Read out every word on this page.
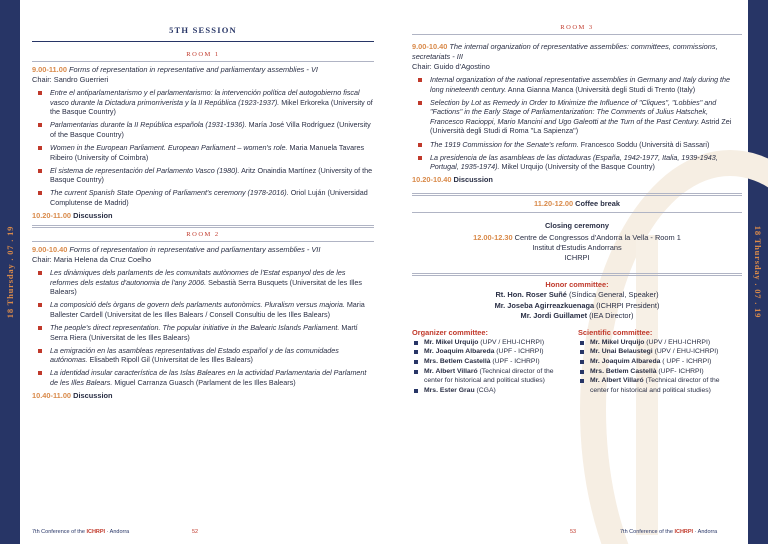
18 Thursday . 07 . 19	18 Thursday . 07 . 19
5TH SESSION
ROOM 1
9.00-11.00 Forms of representation in representative and parliamentary assemblies - VI
Chair: Sandro Guerrieri
Entre el antiparlamentarismo y el parlamentarismo: la intervención política del autogobierno fiscal vasco durante la Dictadura primorriverista y la II República (1923-1937). Mikel Erkoreka (University of the Basque Country)
Parlamentarias durante la II República española (1931-1936). María José Villa Rodríguez (University of the Basque Country)
Women in the European Parliament. European Parliament – women's role. Maria Manuela Tavares Ribeiro (University of Coimbra)
El sistema de representación del Parlamento Vasco (1980). Aritz Onaindia Martínez (University of the Basque Country)
The current Spanish State Opening of Parliament's ceremony (1978-2016). Oriol Luján (Universidad Complutense de Madrid)
10.20-11.00 Discussion
ROOM 2
9.00-10.40 Forms of representation in representative and parliamentary assemblies - VII
Chair: Maria Helena da Cruz Coelho
Les dinàmiques dels parlaments de les comunitats autònomes de l'Estat espanyol des de les reformes dels estatus d'autonomia de l'any 2006. Sebastià Serra Busquets (Universitat de les Illes Balears)
La composició dels òrgans de govern dels parlaments autonòmics. Pluralism versus majoria. Maria Ballester Cardell (Universitat de les Illes Balears / Consell Consultiu de les Illes Balears)
The people's direct representation. The popular initiative in the Balearic Islands Parliament. Martí Serra Riera (Universitat de les Illes Balears)
La emigración en las asambleas representativas del Estado español y de las comunidades autónomas. Elisabeth Ripoll Gil (Universitat de les Illes Balears)
La identidad insular característica de las Islas Baleares en la actividad Parlamentaria del Parlament de les Illes Balears. Miguel Carranza Guasch (Parlament de les Illes Balears)
10.40-11.00 Discussion
7th Conference of the ICHRPI · Andorra	52
ROOM 3
9.00-10.40 The internal organization of representative assemblies: committees, commissions, secretariats - III
Chair: Guido d'Agostino
Internal organization of the national representative assemblies in Germany and Italy during the long nineteenth century. Anna Gianna Manca (Università degli Studi di Trento (Italy)
Selection by Lot as Remedy in Order to Minimize the Influence of "Cliques", "Lobbies" and "Factions" in the Early Stage of Parliamentarization: The Comments of Julius Hatschek, Francesco Racioppi, Mario Mancini and Ugo Galeotti at the Turn of the Past Century. Astrid Zei (Università degli Studi di Roma "La Sapienza")
The 1919 Commission for the Senate's reform. Francesco Soddu (Università di Sassari)
La presidencia de las asambleas de las dictaduras (España, 1942-1977, Italia, 1939-1943, Portugal, 1935-1974). Mikel Urquijo (University of the Basque Country)
10.20-10.40 Discussion
11.20-12.00 Coffee break
Closing ceremony
12.00-12.30 Centre de Congressos d'Andorra la Vella - Room 1
Institut d'Estudis Andorrans
ICHRPI
Honor committee:
Rt. Hon. Roser Suñé (Síndica General, Speaker)
Mr. Joseba Agirreazkuenaga (ICHRPI President)
Mr. Jordi Guillamet (IEA Director)
Organizer committee:
Mr. Mikel Urquijo (UPV / EHU-ICHRPI)
Mr. Joaquim Albareda (UPF - ICHRPI)
Mrs. Betlem Castellà (UPF - ICHRPI)
Mr. Albert Villaró (Technical director of the center for historical and political studies)
Mrs. Ester Grau (CGA)
Scientific committee:
Mr. Mikel Urquijo (UPV / EHU-ICHRPI)
Mr. Unai Belaustegi (UPV / EHU-ICHRPI)
Mr. Joaquim Albareda ( UPF - ICHRPI)
Mrs. Betlem Castellà (UPF- ICHRPI)
Mr. Albert Villaró (Technical director of the center for historical and political studies)
53	7th Conference of the ICHRPI · Andorra
